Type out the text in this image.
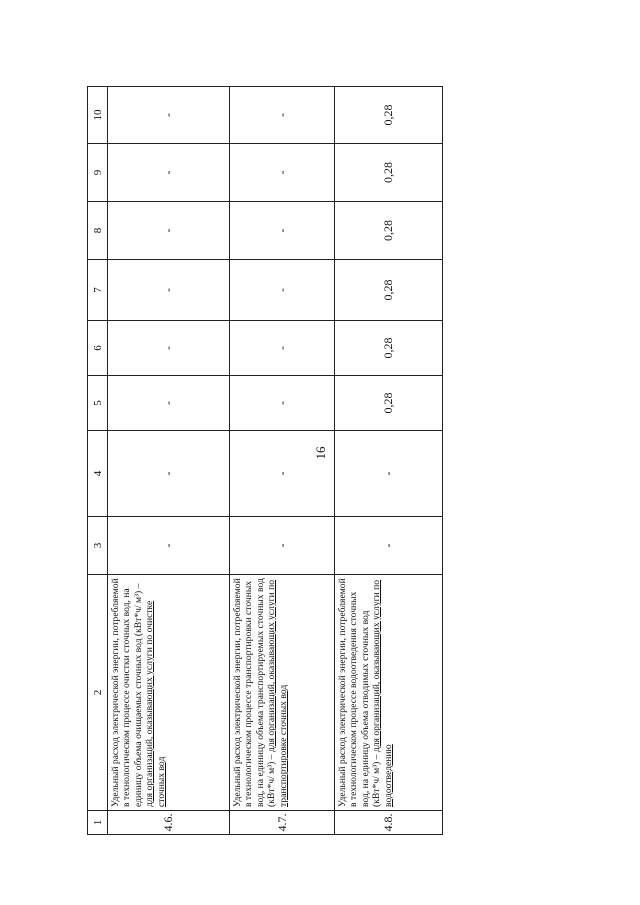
16
1	2	3	4	5	6	7	8	9	10
4.6.	Удельный расход электрической энергии, потребляемой в технологическом процессе очистки сточных вод, на единицу объема очищаемых сточных вод (кВт*ч/ м³) – для организаций, оказывающих услуги по очистке сточных вод	-	-	-	-	-	-	-	-
4.7.	Удельный расход электрической энергии, потребляемой в технологическом процессе транспортировки сточных вод, на единицу объема транспортируемых сточных вод (кВт*ч/ м³) – для организаций, оказывающих услуги по транспортировке сточных вод	-	-	-	-	-	-	-	-
4.8.	Удельный расход электрической энергии, потребляемой в технологическом процессе водоотведения сточных вод, на единицу объема отводимых сточных вод (кВт*ч/ м³) – для организаций, оказывающих услуги по водоотведению	-	-	0,28	0,28	0,28	0,28	0,28	0,28
